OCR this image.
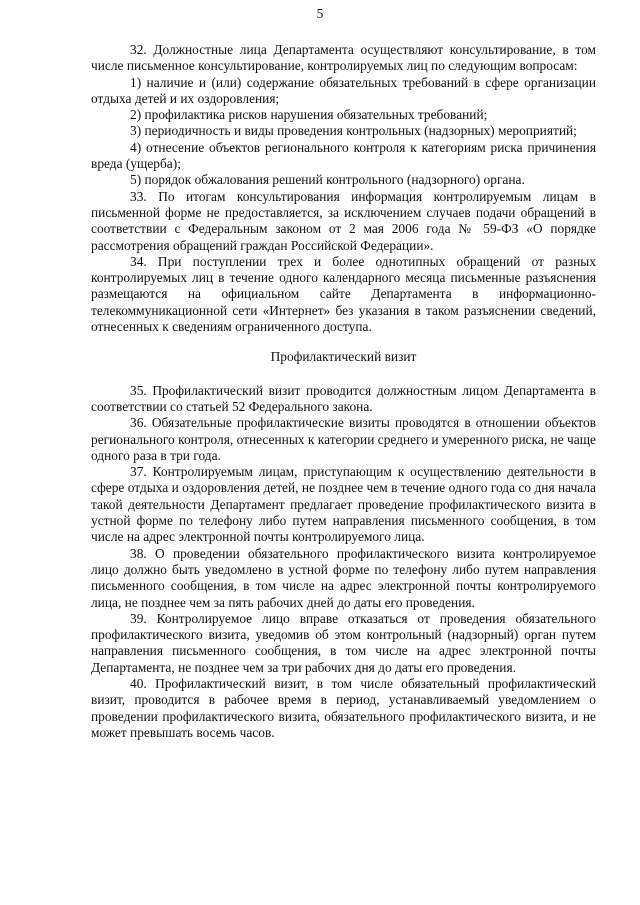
5

32. Должностные лица Департамента осуществляют консультирование, в том числе письменное консультирование, контролируемых лиц по следующим вопросам:

1) наличие и (или) содержание обязательных требований в сфере организации отдыха детей и их оздоровления;

2) профилактика рисков нарушения обязательных требований;

3) периодичность и виды проведения контрольных (надзорных) мероприятий;

4) отнесение объектов регионального контроля к категориям риска причинения вреда (ущерба);

5) порядок обжалования решений контрольного (надзорного) органа.

33. По итогам консультирования информация контролируемым лицам в письменной форме не предоставляется, за исключением случаев подачи обращений в соответствии с Федеральным законом от 2 мая 2006 года № 59-ФЗ «О порядке рассмотрения обращений граждан Российской Федерации».

34. При поступлении трех и более однотипных обращений от разных контролируемых лиц в течение одного календарного месяца письменные разъяснения размещаются на официальном сайте Департамента в информационно-телекоммуникационной сети «Интернет» без указания в таком разъяснении сведений, отнесенных к сведениям ограниченного доступа.

Профилактический визит

35. Профилактический визит проводится должностным лицом Департамента в соответствии со статьей 52 Федерального закона.

36. Обязательные профилактические визиты проводятся в отношении объектов регионального контроля, отнесенных к категории среднего и умеренного риска, не чаще одного раза в три года.

37. Контролируемым лицам, приступающим к осуществлению деятельности в сфере отдыха и оздоровления детей, не позднее чем в течение одного года со дня начала такой деятельности Департамент предлагает проведение профилактического визита в устной форме по телефону либо путем направления письменного сообщения, в том числе на адрес электронной почты контролируемого лица.

38. О проведении обязательного профилактического визита контролируемое лицо должно быть уведомлено в устной форме по телефону либо путем направления письменного сообщения, в том числе на адрес электронной почты контролируемого лица, не позднее чем за пять рабочих дней до даты его проведения.

39. Контролируемое лицо вправе отказаться от проведения обязательного профилактического визита, уведомив об этом контрольный (надзорный) орган путем направления письменного сообщения, в том числе на адрес электронной почты Департамента, не позднее чем за три рабочих дня до даты его проведения.

40. Профилактический визит, в том числе обязательный профилактический визит, проводится в рабочее время в период, устанавливаемый уведомлением о проведении профилактического визита, обязательного профилактического визита, и не может превышать восемь часов.
